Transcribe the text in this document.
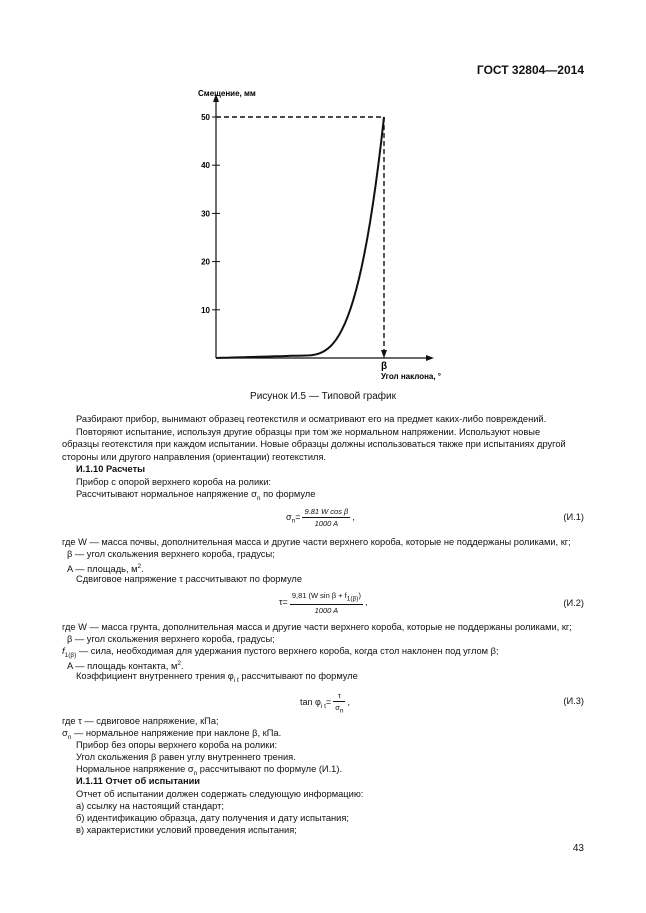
ГОСТ 32804—2014
Смещение, мм
10
20
30
40
50
β
Угол наклона, °
Рисунок И.5 — Типовой график
Разбирают прибор, вынимают образец геотекстиля и осматривают его на предмет каких-либо повреждений.
Повторяют испытание, используя другие образцы при том же нормальном напряжении. Используют новые
образцы геотекстиля при каждом испытании. Новые образцы должны использоваться также при испытаниях другой
стороны или другого направления (ориентации) геотекстиля.
И.1.10 Расчеты
Прибор с опорой верхнего короба на ролики:
Рассчитывают нормальное напряжение $\sigma_n$ по формуле
$\sigma_n= \frac{\text{9.81 W cos β}}{1000 A}$ ,	(И.1)
где W — масса почвы, дополнительная масса и другие части верхнего короба, которые не поддержаны роликами, кг;
β — угол скольжения верхнего короба, градусы;
A — площадь, $м^2$.
Сдвиговое напряжение τ рассчитывают по формуле
$\tau= \frac{9,81 (W \sin \beta + f_{1(\beta)})}{1000 A}$ ,	(И.2)
где W — масса грунта, дополнительная масса и другие части верхнего короба, которые не поддержаны роликами, кг;
β — угол скольжения верхнего короба, градусы;
$f_{1(\beta)}$ — сила, необходимая для удержания пустого верхнего короба, когда стол наклонен под углом β;
A — площадь контакта, $м^2$.
Коэффициент внутреннего трения $\varphi_{i t}$ рассчитывают по формуле
$\tan \varphi_{i t}= \frac{\tau}{\sigma_n}$ ,	(И.3)
где τ — сдвиговое напряжение, кПа;
$\sigma_n$ — нормальное напряжение при наклоне β, кПа.
Прибор без опоры верхнего короба на ролики:
Угол скольжения β равен углу внутреннего трения.
Нормальное напряжение $\sigma_n$ рассчитывают по формуле (И.1).
И.1.11 Отчет об испытании
Отчет об испытании должен содержать следующую информацию:
а) ссылку на настоящий стандарт;
б) идентификацию образца, дату получения и дату испытания;
в) характеристики условий проведения испытания;
43
